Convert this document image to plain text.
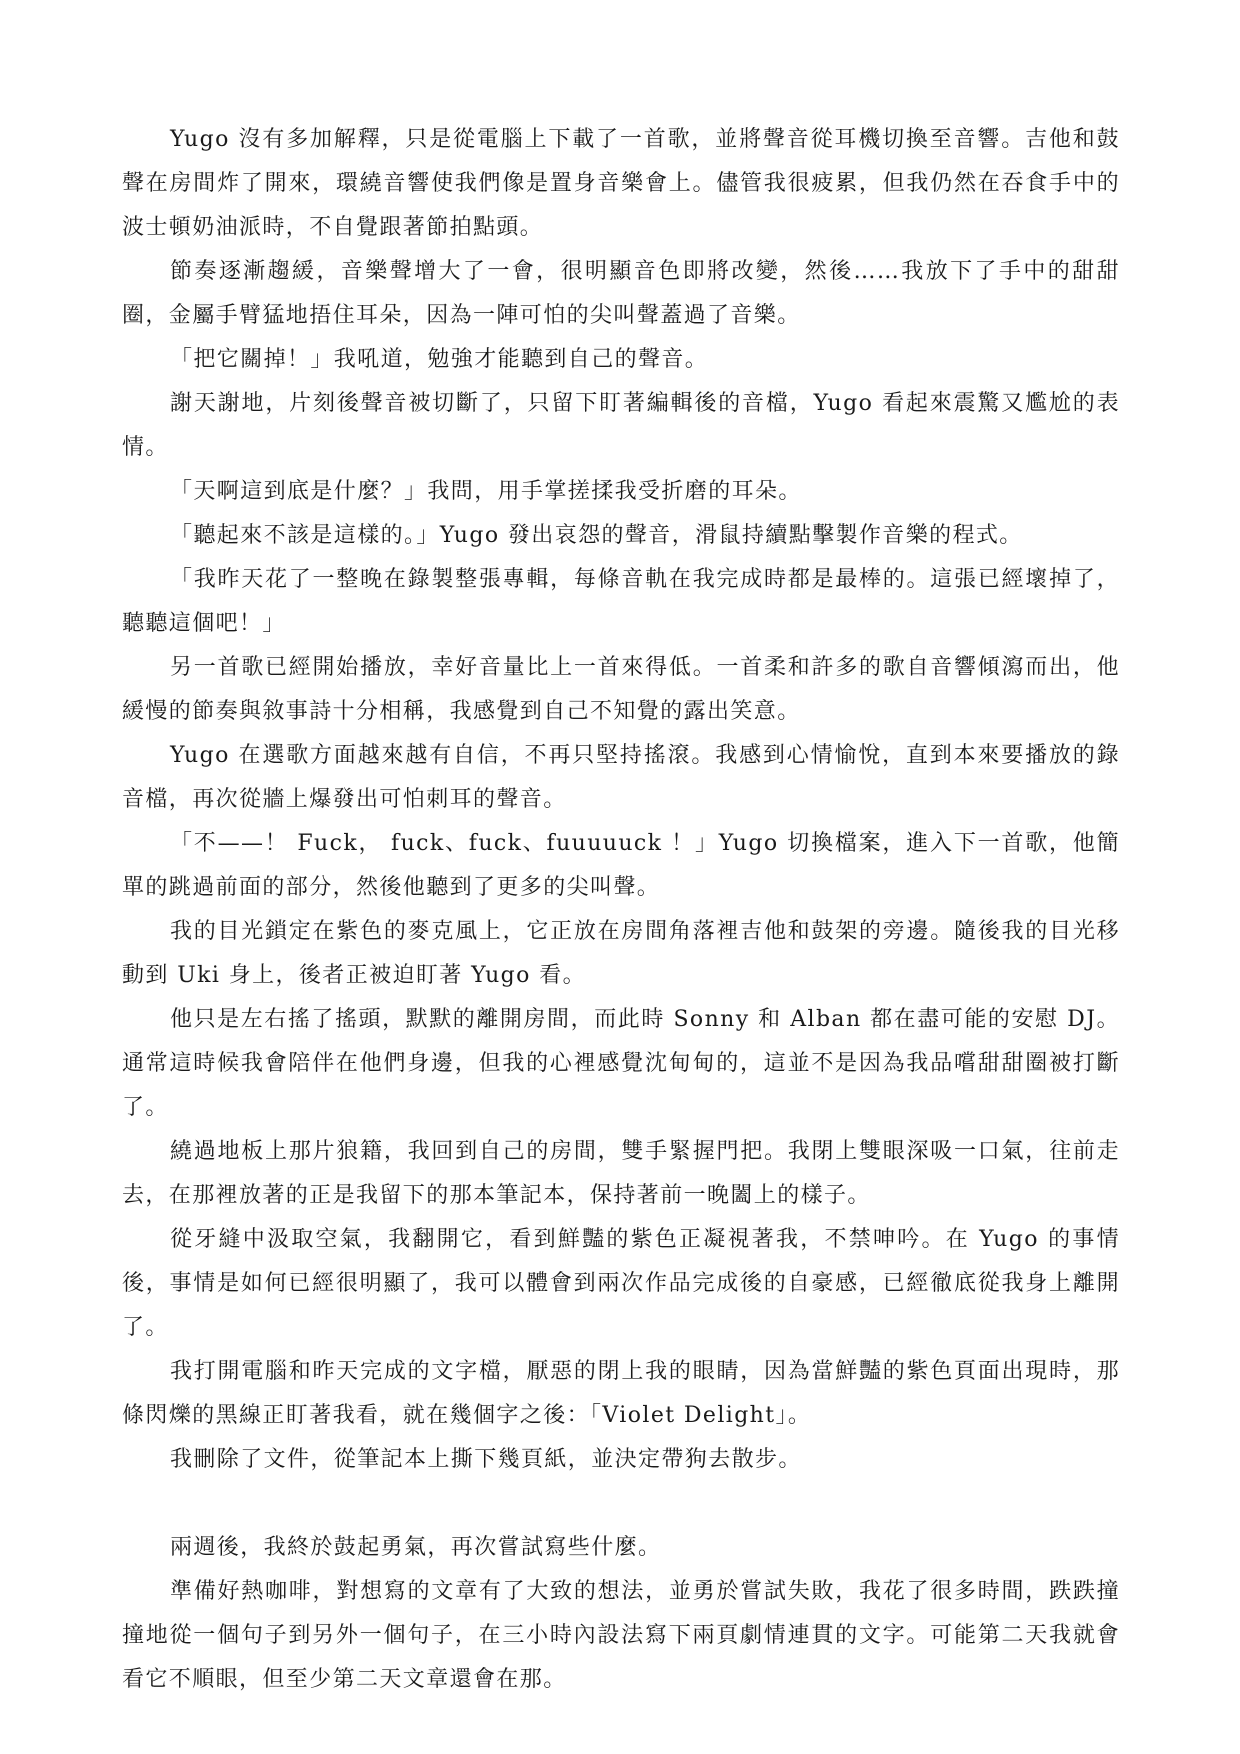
Yugo 沒有多加解釋，只是從電腦上下載了一首歌，並將聲音從耳機切換至音響。吉他和鼓聲在房間炸了開來，環繞音響使我們像是置身音樂會上。儘管我很疲累，但我仍然在吞食手中的波士頓奶油派時，不自覺跟著節拍點頭。

節奏逐漸趨緩，音樂聲增大了一會，很明顯音色即將改變，然後……我放下了手中的甜甜圈，金屬手臂猛地捂住耳朵，因為一陣可怕的尖叫聲蓋過了音樂。

「把它關掉！」我吼道，勉強才能聽到自己的聲音。

謝天謝地，片刻後聲音被切斷了，只留下盯著編輯後的音檔，Yugo 看起來震驚又尷尬的表情。

「天啊這到底是什麼？」我問，用手掌搓揉我受折磨的耳朵。

「聽起來不該是這樣的。」Yugo 發出哀怨的聲音，滑鼠持續點擊製作音樂的程式。

「我昨天花了一整晚在錄製整張專輯，每條音軌在我完成時都是最棒的。這張已經壞掉了，聽聽這個吧！」

另一首歌已經開始播放，幸好音量比上一首來得低。一首柔和許多的歌自音響傾瀉而出，他緩慢的節奏與敘事詩十分相稱，我感覺到自己不知覺的露出笑意。

Yugo 在選歌方面越來越有自信，不再只堅持搖滾。我感到心情愉悅，直到本來要播放的錄音檔，再次從牆上爆發出可怕刺耳的聲音。

「不——！ Fuck， fuck、fuck、fuuuuuck ！」Yugo 切換檔案，進入下一首歌，他簡單的跳過前面的部分，然後他聽到了更多的尖叫聲。

我的目光鎖定在紫色的麥克風上，它正放在房間角落裡吉他和鼓架的旁邊。隨後我的目光移動到 Uki 身上，後者正被迫盯著 Yugo 看。

他只是左右搖了搖頭，默默的離開房間，而此時 Sonny 和 Alban 都在盡可能的安慰 DJ。通常這時候我會陪伴在他們身邊，但我的心裡感覺沈甸甸的，這並不是因為我品嚐甜甜圈被打斷了。

繞過地板上那片狼籍，我回到自己的房間，雙手緊握門把。我閉上雙眼深吸一口氣，往前走去，在那裡放著的正是我留下的那本筆記本，保持著前一晚闔上的樣子。

從牙縫中汲取空氣，我翻開它，看到鮮豔的紫色正凝視著我，不禁呻吟。在 Yugo 的事情後，事情是如何已經很明顯了，我可以體會到兩次作品完成後的自豪感，已經徹底從我身上離開了。

我打開電腦和昨天完成的文字檔，厭惡的閉上我的眼睛，因為當鮮豔的紫色頁面出現時，那條閃爍的黑線正盯著我看，就在幾個字之後：「Violet Delight」。

我刪除了文件，從筆記本上撕下幾頁紙，並決定帶狗去散步。

兩週後，我終於鼓起勇氣，再次嘗試寫些什麼。

準備好熱咖啡，對想寫的文章有了大致的想法，並勇於嘗試失敗，我花了很多時間，跌跌撞撞地從一個句子到另外一個句子，在三小時內設法寫下兩頁劇情連貫的文字。可能第二天我就會看它不順眼，但至少第二天文章還會在那。
